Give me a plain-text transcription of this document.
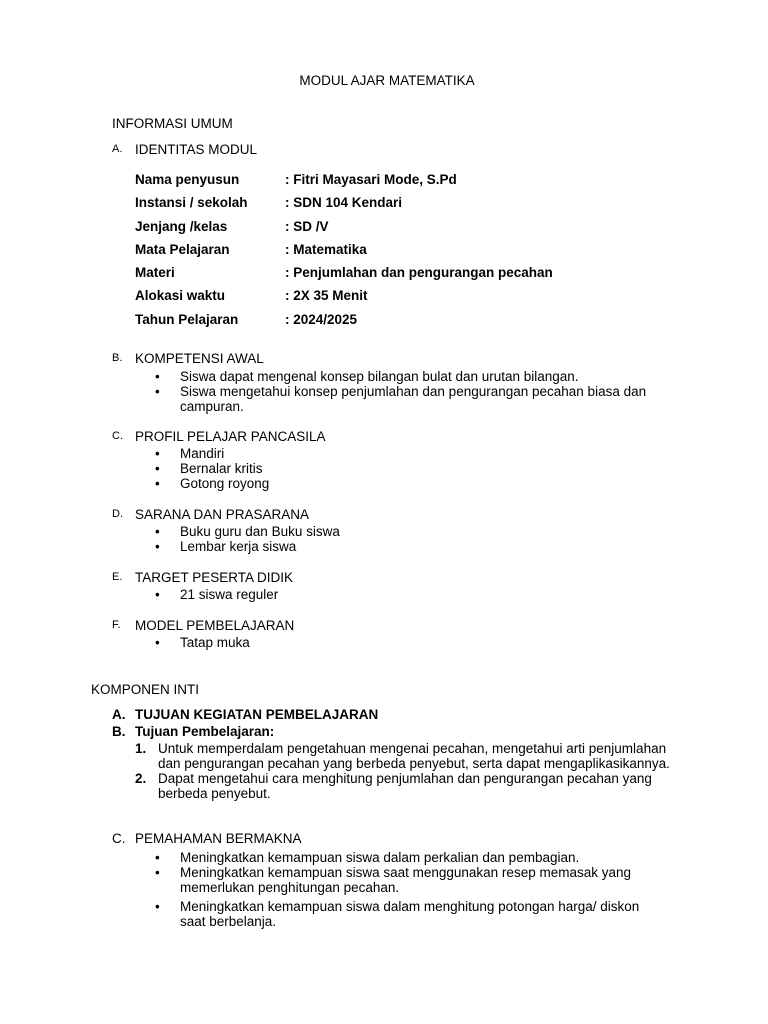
MODUL AJAR MATEMATIKA
INFORMASI UMUM
A. IDENTITAS MODUL
Nama penyusun	: Fitri Mayasari Mode, S.Pd
Instansi / sekolah	: SDN 104 Kendari
Jenjang /kelas	: SD /V
Mata Pelajaran	: Matematika
Materi	: Penjumlahan dan pengurangan pecahan
Alokasi waktu	: 2X 35 Menit
Tahun Pelajaran	: 2024/2025
B. KOMPETENSI AWAL
•	Siswa dapat mengenal konsep bilangan bulat dan urutan bilangan.
•	Siswa mengetahui konsep penjumlahan dan pengurangan pecahan biasa dan campuran.
C. PROFIL PELAJAR PANCASILA
•	Mandiri
•	Bernalar kritis
•	Gotong royong
D. SARANA DAN PRASARANA
•	Buku guru dan Buku siswa
•	Lembar kerja siswa
E. TARGET PESERTA DIDIK
•	21 siswa reguler
F.	MODEL PEMBELAJARAN
•	Tatap muka
KOMPONEN INTI
A. TUJUAN KEGIATAN PEMBELAJARAN
B. Tujuan Pembelajaran:
1. Untuk memperdalam pengetahuan mengenai pecahan, mengetahui arti penjumlahan dan pengurangan pecahan yang berbeda penyebut, serta dapat mengaplikasikannya.
2. Dapat mengetahui cara menghitung penjumlahan dan pengurangan pecahan yang berbeda penyebut.
C. PEMAHAMAN BERMAKNA
•	Meningkatkan kemampuan siswa dalam perkalian dan pembagian.
•	Meningkatkan kemampuan siswa saat menggunakan resep memasak yang memerlukan penghitungan pecahan.
•	Meningkatkan kemampuan siswa dalam menghitung potongan harga/ diskon saat berbelanja.
